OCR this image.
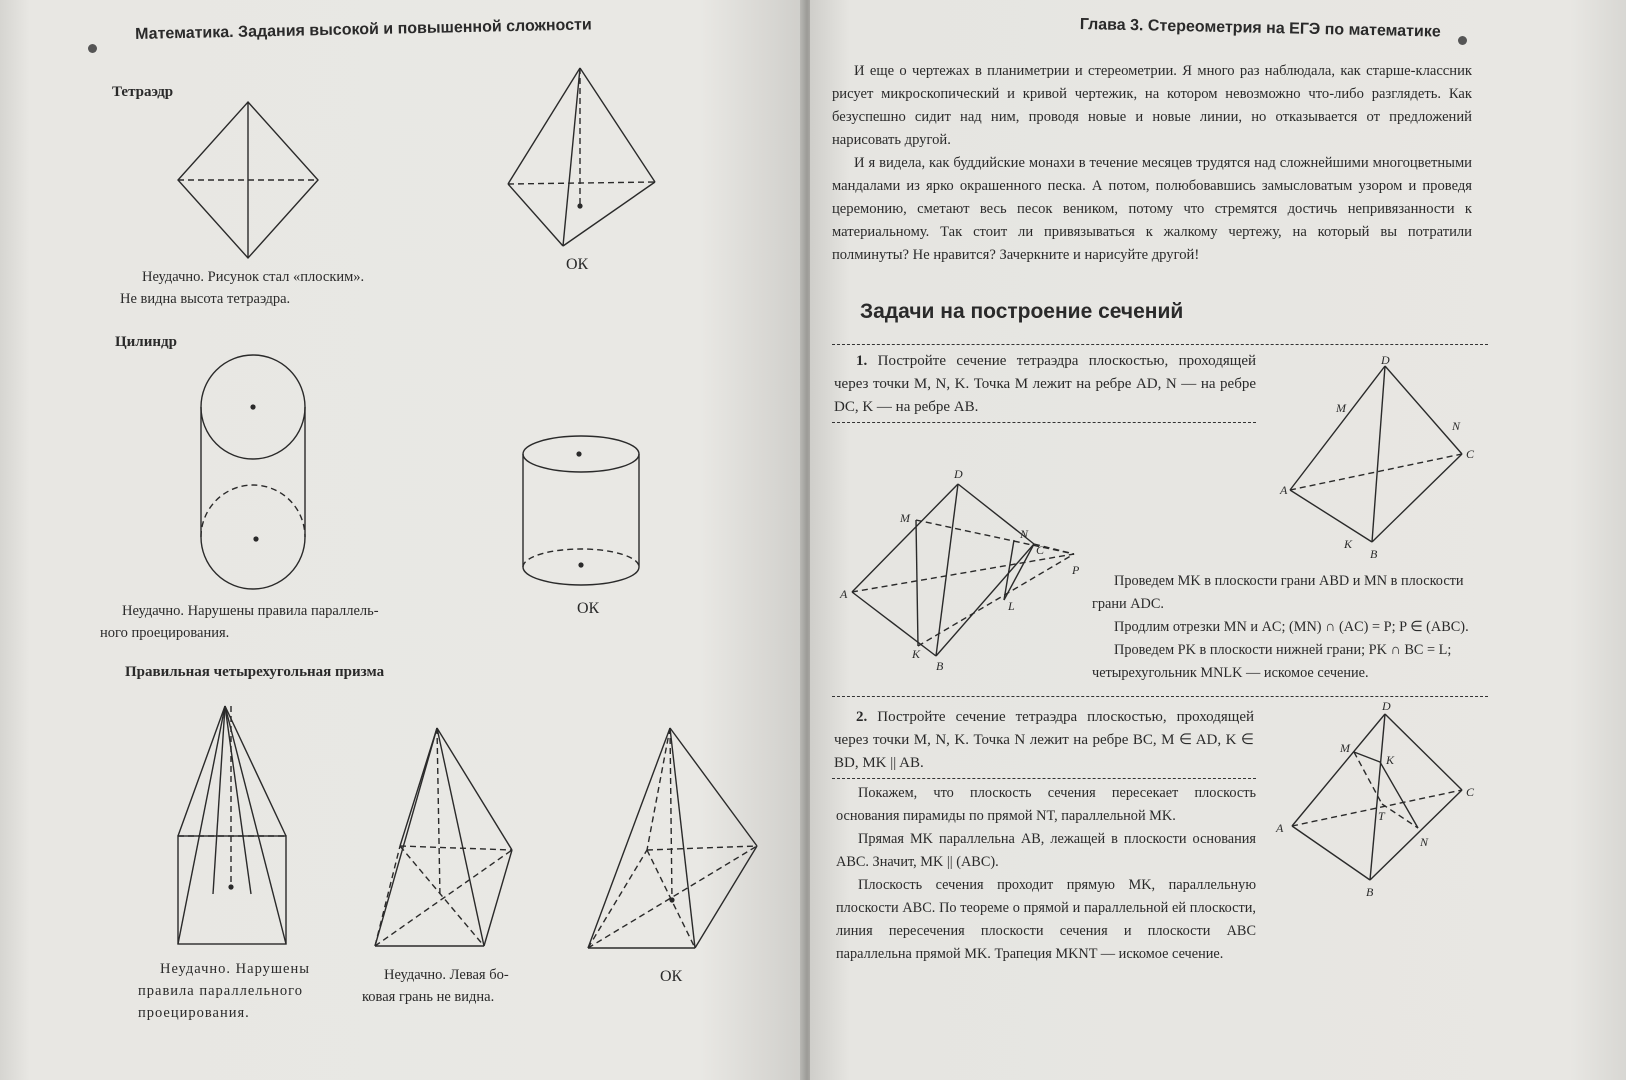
Математика. Задания высокой и повышенной сложности
Тетраэдр
Неудачно. Рисунок стал «плоским».
Не видна высота тетраэдра.
ОК
Цилиндр
Неудачно. Нарушены правила параллель-
ного проецирования.
ОК
Правильная четырехугольная призма
Неудачно. Нарушены
правила параллельного
проецирования.
Неудачно. Левая бо-
ковая грань не видна.
ОК
Глава 3. Стереометрия на ЕГЭ по математике

И еще о чертежах в планиметрии и стереометрии. Я много раз наблюдала, как старше-классник рисует микроскопический и кривой чертежик, на котором невозможно что-либо разглядеть. Как безуспешно сидит над ним, проводя новые и новые линии, но отказывается от предложений нарисовать другой.

И я видела, как буддийские монахи в течение месяцев трудятся над сложнейшими многоцветными мандалами из ярко окрашенного песка. А потом, полюбовавшись замысловатым узором и проведя церемонию, сметают весь песок веником, потому что стремятся достичь непривязанности к материальному. Так стоит ли привязываться к жалкому чертежу, на который вы потратили полминуты? Не нравится? Зачеркните и нарисуйте другой!

Задачи на построение сечений
1. Постройте сечение тетраэдра плоскостью, проходящей через точки M, N, K. Точка M лежит на ребре AD, N — на ребре DC, K — на ребре AB.
D
M
N
C
A
K
B
D
M
N
C
P
A
L
K
B

Проведем MK в плоскости грани ABD и MN в плоскости грани ADC.

Продлим отрезки MN и AC; (MN) ∩ (AC) = P; P ∈ (ABC).

Проведем PK в плоскости нижней грани; PK ∩ BC = L;

четырехугольник MNLK — искомое сечение.
2. Постройте сечение тетраэдра плоскостью, проходящей через точки M, N, K. Точка N лежит на ребре BC, M ∈ AD, K ∈ BD, MK || AB.

Покажем, что плоскость сечения пересекает плоскость основания пирамиды по прямой NT, параллельной MK.

Прямая MK параллельна AB, лежащей в плоскости основания ABC. Значит, MK || (ABC).

Плоскость сечения проходит прямую MK, параллельную плоскости ABC. По теореме о прямой и параллельной ей плоскости, линия пересечения плоскости сечения и плоскости ABC параллельна прямой MK. Трапеция MKNT — искомое сечение.

D
M
K
C
A
T
N
B
